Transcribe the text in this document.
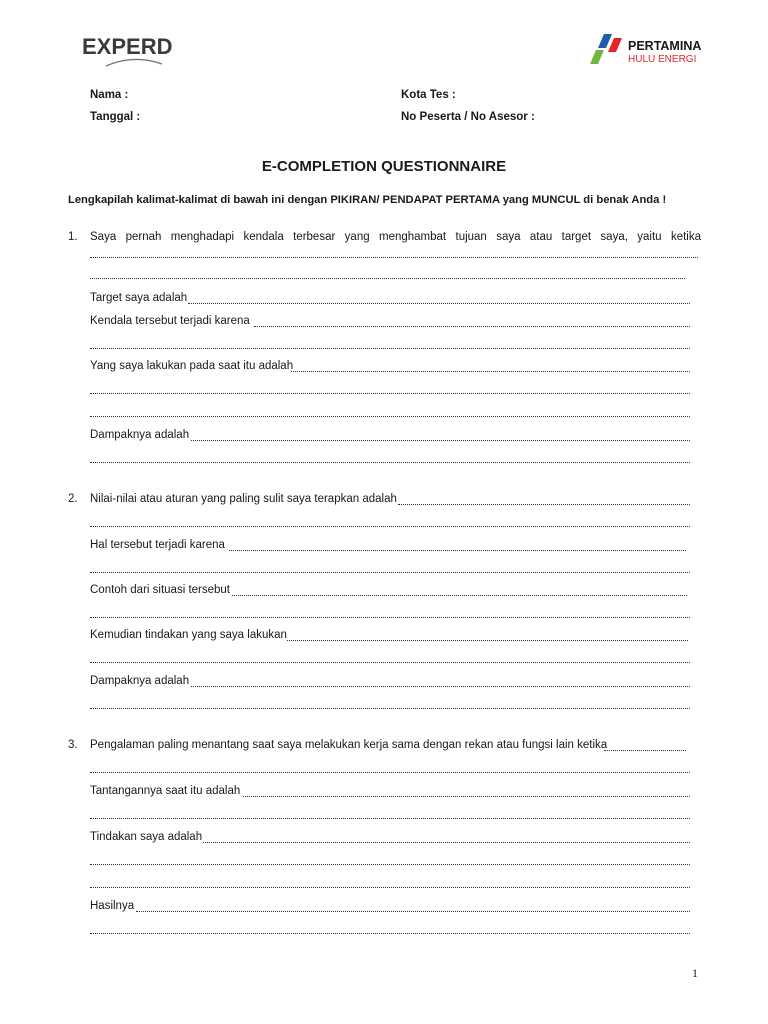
EXPERD	PERTAMINA
HULU ENERGI
Nama :	Kota Tes :
Tanggal :	No Peserta / No Asesor :
E-COMPLETION QUESTIONNAIRE
Lengkapilah kalimat-kalimat di bawah ini dengan PIKIRAN/ PENDAPAT PERTAMA yang MUNCUL di benak Anda !
1. Saya pernah menghadapi kendala terbesar yang menghambat tujuan saya atau target saya, yaitu ketika
Target saya adalah
Kendala tersebut terjadi karena
Yang saya lakukan pada saat itu adalah
Dampaknya adalah
2. Nilai-nilai atau aturan yang paling sulit saya terapkan adalah
Hal tersebut terjadi karena
Contoh dari situasi tersebut
Kemudian tindakan yang saya lakukan
Dampaknya adalah
3. Pengalaman paling menantang saat saya melakukan kerja sama dengan rekan atau fungsi lain ketika
Tantangannya saat itu adalah
Tindakan saya adalah
Hasilnya
1
